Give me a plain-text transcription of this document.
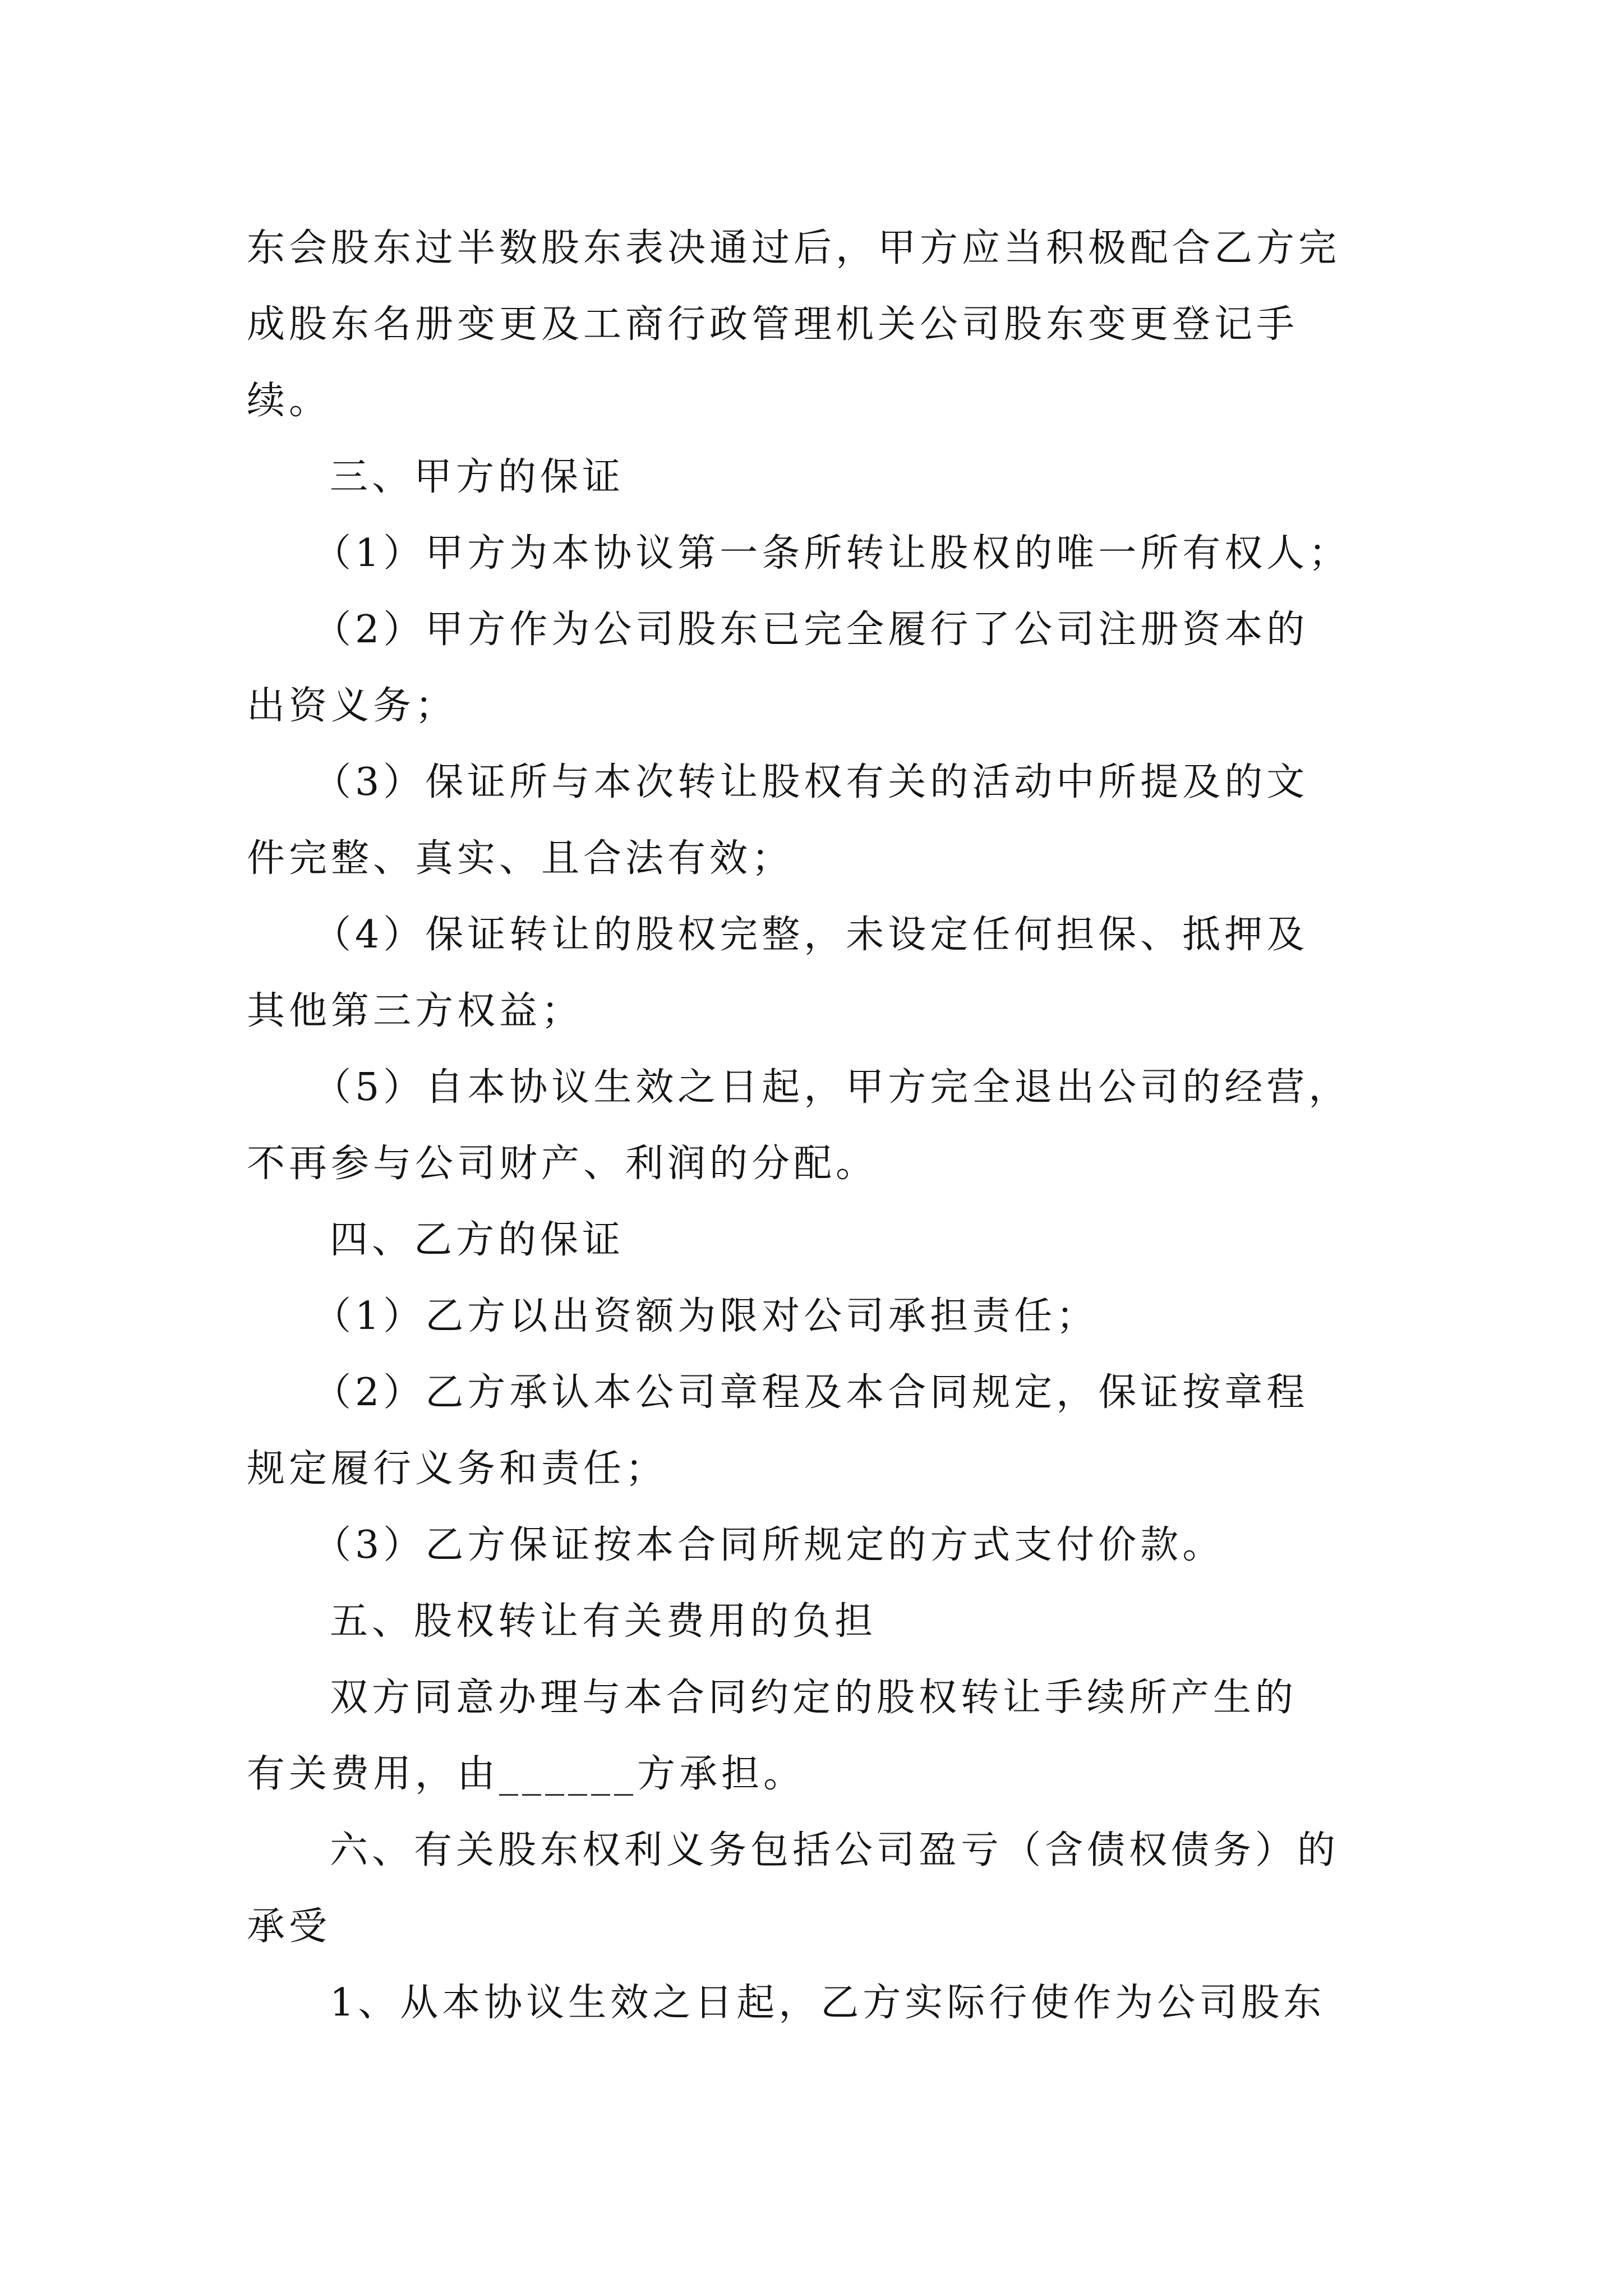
东会股东过半数股东表决通过后，甲方应当积极配合乙方完
成股东名册变更及工商行政管理机关公司股东变更登记手
续。
三、甲方的保证
（1）甲方为本协议第一条所转让股权的唯一所有权人；
（2）甲方作为公司股东已完全履行了公司注册资本的
出资义务；
（3）保证所与本次转让股权有关的活动中所提及的文
件完整、真实、且合法有效；
（4）保证转让的股权完整，未设定任何担保、抵押及
其他第三方权益；
（5）自本协议生效之日起，甲方完全退出公司的经营，
不再参与公司财产、利润的分配。
四、乙方的保证
（1）乙方以出资额为限对公司承担责任；
（2）乙方承认本公司章程及本合同规定，保证按章程
规定履行义务和责任；
（3）乙方保证按本合同所规定的方式支付价款。
五、股权转让有关费用的负担
双方同意办理与本合同约定的股权转让手续所产生的
有关费用，由______方承担。
六、有关股东权利义务包括公司盈亏（含债权债务）的
承受
1、从本协议生效之日起，乙方实际行使作为公司股东
